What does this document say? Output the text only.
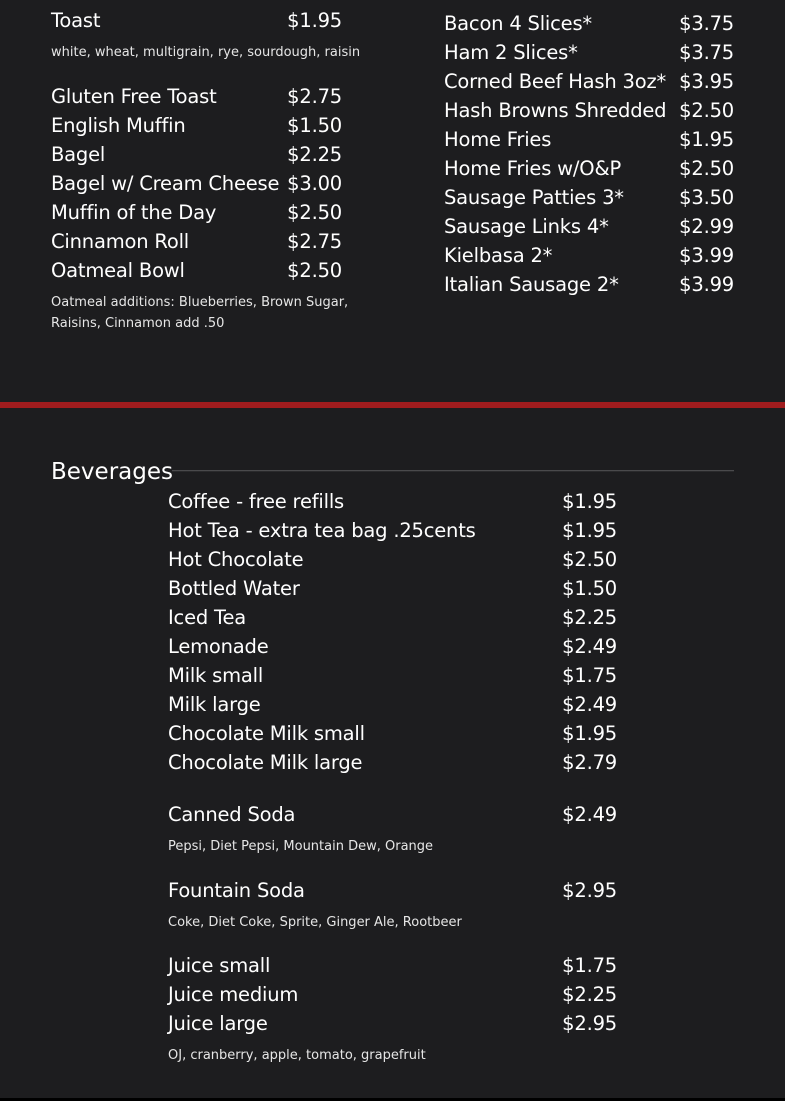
Toast	$1.95
white, wheat, multigrain, rye, sourdough, raisin
Gluten Free Toast	$2.75
English Muffin	$1.50
Bagel	$2.25
Bagel w/ Cream Cheese $3.00
Muffin of the Day	$2.50
Cinnamon Roll	$2.75
Oatmeal Bowl	$2.50
Oatmeal additions: Blueberries, Brown Sugar,
Raisins, Cinnamon add .50
Bacon 4 Slices*	$3.75
Ham 2 Slices*	$3.75
Corned Beef Hash 3oz* $3.95
Hash Browns Shredded $2.50
Home Fries	$1.95
Home Fries w/O&P	$2.50
Sausage Patties 3*	$3.50
Sausage Links 4*	$2.99
Kielbasa 2*	$3.99
Italian Sausage 2*	$3.99
Beverages
Coffee - free refills	$1.95
Hot Tea - extra tea bag .25cents	$1.95
Hot Chocolate	$2.50
Bottled Water	$1.50
Iced Tea	$2.25
Lemonade	$2.49
Milk small	$1.75
Milk large	$2.49
Chocolate Milk small	$1.95
Chocolate Milk large	$2.79
Canned Soda	$2.49
Pepsi, Diet Pepsi, Mountain Dew, Orange
Fountain Soda	$2.95
Coke, Diet Coke, Sprite, Ginger Ale, Rootbeer
Juice small	$1.75
Juice medium	$2.25
Juice large	$2.95
OJ, cranberry, apple, tomato, grapefruit
